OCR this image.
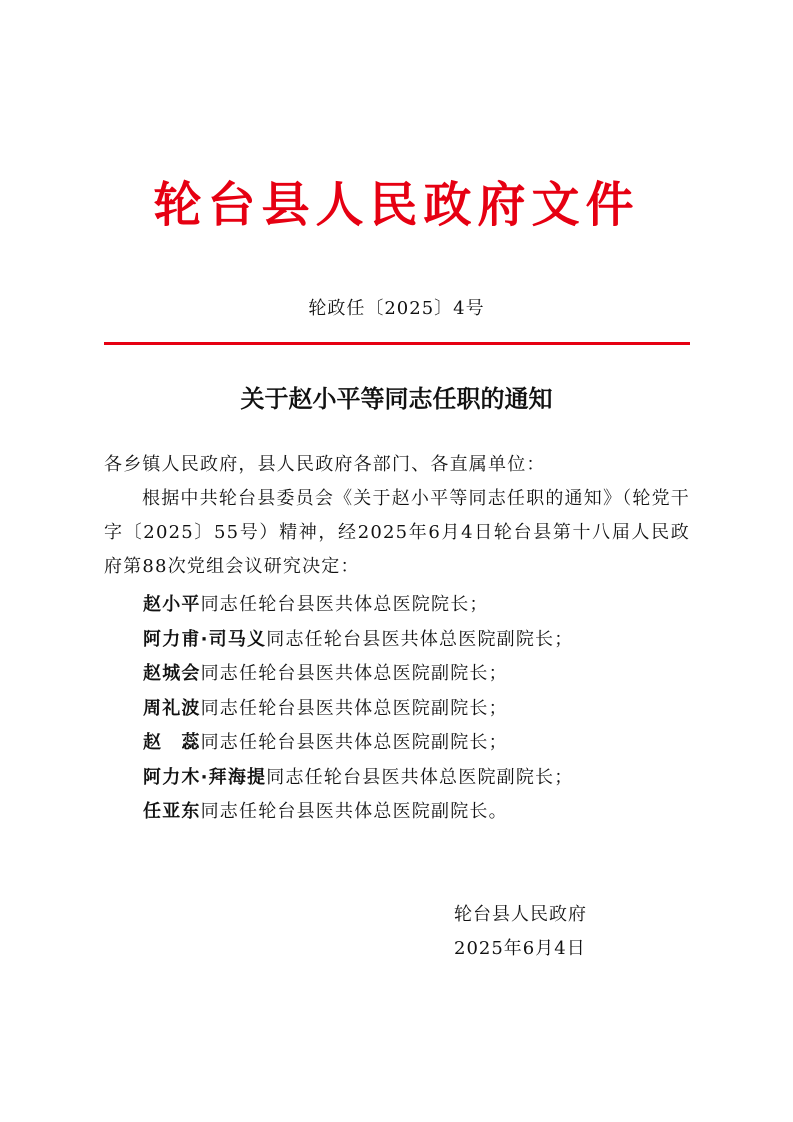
轮台县人民政府文件
轮政任〔2025〕4号
关于赵小平等同志任职的通知
各乡镇人民政府，县人民政府各部门、各直属单位：
根据中共轮台县委员会《关于赵小平等同志任职的通知》（轮党干字〔2025〕55号）精神，经2025年6月4日轮台县第十八届人民政府第88次党组会议研究决定：
赵小平同志任轮台县医共体总医院院长；
阿力甫·司马义同志任轮台县医共体总医院副院长；
赵城会同志任轮台县医共体总医院副院长；
周礼波同志任轮台县医共体总医院副院长；
赵　蕊同志任轮台县医共体总医院副院长；
阿力木·拜海提同志任轮台县医共体总医院副院长；
任亚东同志任轮台县医共体总医院副院长。
轮台县人民政府
2025年6月4日
